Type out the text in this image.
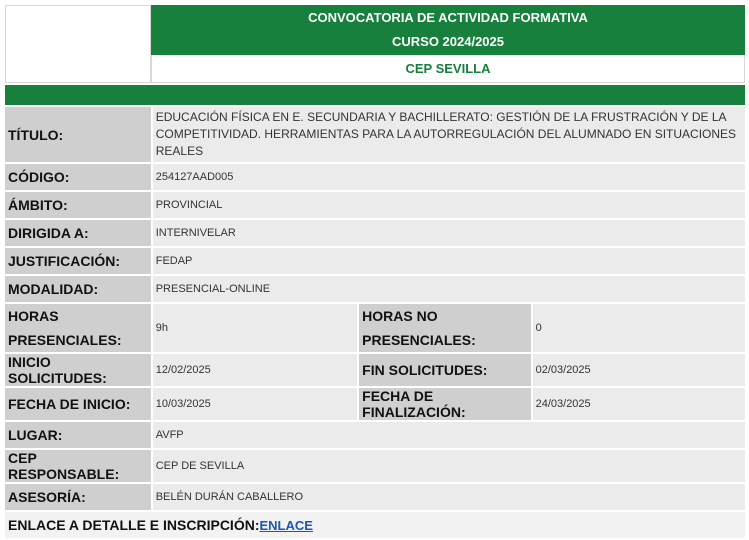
CONVOCATORIA DE ACTIVIDAD FORMATIVA
CURSO 2024/2025
CEP SEVILLA
TÍTULO:	EDUCACIÓN FÍSICA EN E. SECUNDARIA Y BACHILLERATO: GESTIÓN DE LA FRUSTRACIÓN Y DE LA COMPETITIVIDAD. HERRAMIENTAS PARA LA AUTORREGULACIÓN DEL ALUMNADO EN SITUACIONES REALES		
CÓDIGO:	254127AAD005		
ÁMBITO:	PROVINCIAL		
DIRIGIDA A:	INTERNIVELAR		
JUSTIFICACIÓN:	FEDAP		
MODALIDAD:	PRESENCIAL-ONLINE		
HORAS PRESENCIALES:	9h	HORAS NO PRESENCIALES:	0
INICIO SOLICITUDES:	12/02/2025	FIN SOLICITUDES:	02/03/2025
FECHA DE INICIO:	10/03/2025	FECHA DE FINALIZACIÓN:	24/03/2025
LUGAR:	AVFP		
CEP RESPONSABLE:	CEP DE SEVILLA		
ASESORÍA:	BELÉN DURÁN CABALLERO		
ENLACE A DETALLE E INSCRIPCIÓN:ENLACE			
